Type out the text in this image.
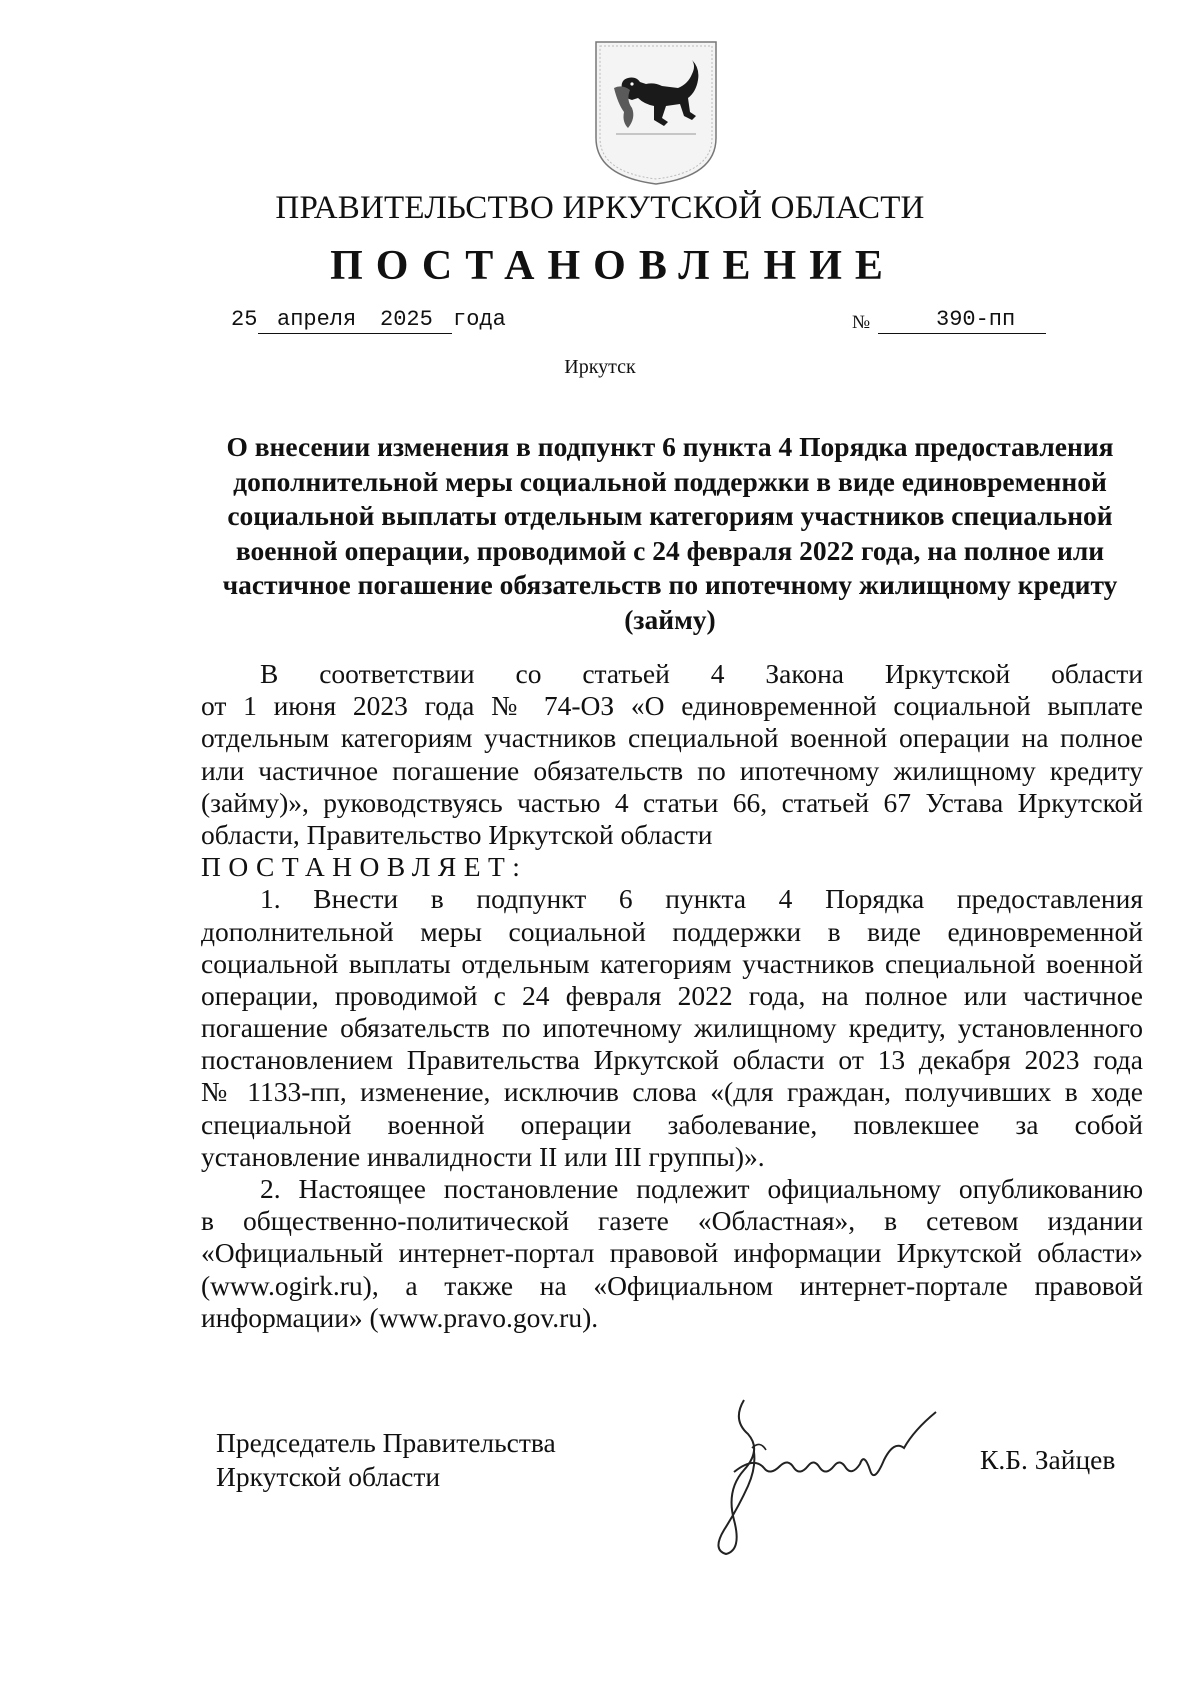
ПРАВИТЕЛЬСТВО ИРКУТСКОЙ ОБЛАСТИ
ПОСТАНОВЛЕНИЕ
25 апреля 2025 года	№	390-пп
Иркутск
О внесении изменения в подпункт 6 пункта 4 Порядка предоставления
дополнительной меры социальной поддержки в виде единовременной
социальной выплаты отдельным категориям участников специальной
военной операции, проводимой с 24 февраля 2022 года, на полное или
частичное погашение обязательств по ипотечному жилищному кредиту
(займу)
В соответствии со статьей 4 Закона Иркутской области
от 1 июня 2023 года № 74-ОЗ «О единовременной социальной выплате
отдельным категориям участников специальной военной операции на полное
или частичное погашение обязательств по ипотечному жилищному кредиту
(займу)», руководствуясь частью 4 статьи 66, статьей 67 Устава Иркутской
области, Правительство Иркутской области
ПОСТАНОВЛЯЕТ:
1. Внести в подпункт 6 пункта 4 Порядка предоставления
дополнительной меры социальной поддержки в виде единовременной
социальной выплаты отдельным категориям участников специальной военной
операции, проводимой с 24 февраля 2022 года, на полное или частичное
погашение обязательств по ипотечному жилищному кредиту, установленного
постановлением Правительства Иркутской области от 13 декабря 2023 года
№ 1133-пп, изменение, исключив слова «(для граждан, получивших в ходе
специальной военной операции заболевание, повлекшее за собой
установление инвалидности II или III группы)».
2. Настоящее постановление подлежит официальному опубликованию
в общественно-политической газете «Областная», в сетевом издании
«Официальный интернет-портал правовой информации Иркутской области»
(www.ogirk.ru), а также на «Официальном интернет-портале правовой
информации» (www.pravo.gov.ru).
Председатель Правительства
Иркутской области
К.Б. Зайцев
